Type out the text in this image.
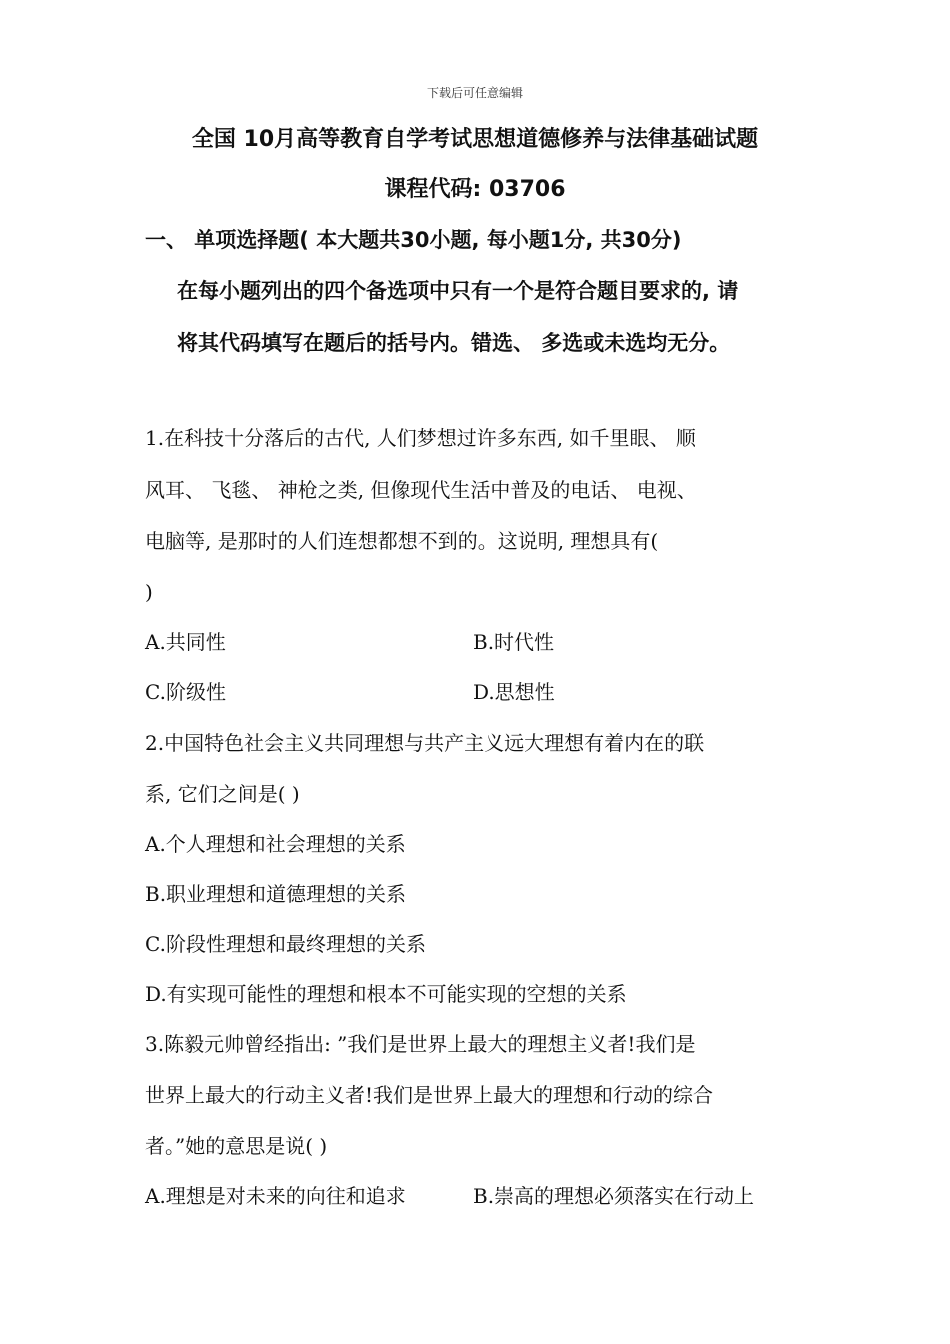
下载后可任意编辑
全国 10月高等教育自学考试思想道德修养与法律基础试题
课程代码: 03706
一、 单项选择题( 本大题共30小题, 每小题1分, 共30分)
在每小题列出的四个备选项中只有一个是符合题目要求的, 请
将其代码填写在题后的括号内。错选、 多选或未选均无分。
1.在科技十分落后的古代, 人们梦想过许多东西, 如千里眼、 顺
风耳、 飞毯、 神枪之类, 但像现代生活中普及的电话、 电视、
电脑等, 是那时的人们连想都想不到的。这说明, 理想具有(
)
A.共同性	B.时代性
C.阶级性	D.思想性
2.中国特色社会主义共同理想与共产主义远大理想有着内在的联
系, 它们之间是( )
A.个人理想和社会理想的关系
B.职业理想和道德理想的关系
C.阶段性理想和最终理想的关系
D.有实现可能性的理想和根本不可能实现的空想的关系
3.陈毅元帅曾经指出: ”我们是世界上最大的理想主义者!我们是
世界上最大的行动主义者!我们是世界上最大的理想和行动的综合
者。”她的意思是说( )
A.理想是对未来的向往和追求	B.崇高的理想必须落实在行动上
